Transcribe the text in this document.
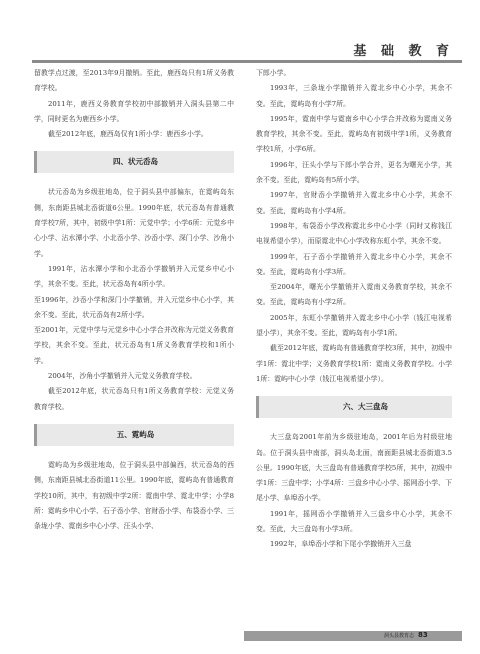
基 础 教 育

留教学点过渡，至2013年9月撤销。至此，鹿西岛只有1所义务教育学校。

2011年，鹿西义务教育学校初中部撤销并入洞头县第二中学，同时更名为鹿西乡小学。

截至2012年底，鹿西岛仅有1所小学：鹿西乡小学。

四、状元岙岛

状元岙岛为乡级驻地岛，位于洞头县中部偏东，在霓屿岛东侧，东南距县城北岙街道6公里。1990年底，状元岙岛有普通教育学校7所，其中，初级中学1所：元觉中学；小学6所：元觉乡中心小学、沾水潭小学、小北岙小学、沙岙小学、深门小学、沙角小学。

1991年，沾水潭小学和小北岙小学撤销并入元觉乡中心小学，其余不变。至此，状元岙岛有4所小学。

至1996年，沙岙小学和深门小学撤销，并入元觉乡中心小学，其余不变。至此，状元岙岛有2所小学。

至2001年，元觉中学与元觉乡中心小学合并改称为元觉义务教育学校，其余不变。至此，状元岙岛有1所义务教育学校和1所小学。

2004年，沙角小学撤销并入元觉义务教育学校。

截至2012年底，状元岙岛只有1所义务教育学校：元觉义务教育学校。

五、霓屿岛

霓屿岛为乡级驻地岛，位于洞头县中部偏西，状元岙岛的西侧，东南距县城北岙街道11公里。1990年底，霓屿岛有普通教育学校10所，其中，有初级中学2所：霓南中学、霓北中学；小学8所：霓屿乡中心小学、石子岙小学、官财岙小学、布袋岙小学、三条垅小学、霓南乡中心小学、汪头小学、

下郎小学。

1993年，三条垅小学撤销并入霓北乡中心小学，其余不变。至此，霓屿岛有小学7所。

1995年，霓南中学与霓南乡中心小学合并改称为霓南义务教育学校，其余不变。至此，霓屿岛有初级中学1所，义务教育学校1所，小学6所。

1996年，汪头小学与下郎小学合并，更名为曙光小学，其余不变。至此，霓屿岛有5所小学。

1997年，官财岙小学撤销并入霓北乡中心小学，其余不变。至此，霓屿岛有小学4所。

1998年，布袋岙小学改称霓北乡中心小学（同时又称钱江电视希望小学），而原霓北中心小学改称东虹小学，其余不变。

1999年，石子岙小学撤销并入霓北乡中心小学，其余不变。至此，霓屿岛有小学3所。

至2004年，曙光小学撤销并入霓南义务教育学校，其余不变。至此，霓屿岛有小学2所。

2005年，东虹小学撤销并入霓北乡中心小学（钱江电视希望小学），其余不变。至此，霓屿岛有小学1所。

截至2012年底，霓屿岛有普通教育学校3所，其中，初级中学1所：霓北中学；义务教育学校1所：霓南义务教育学校。小学1所：霓屿中心小学（钱江电视希望小学）。

六、大三盘岛

大三盘岛2001年前为乡级驻地岛，2001年后为村级驻地岛。位于洞头县中南部，洞头岛北面，南面距县城北岙街道3.5公里。1990年底，大三盘岛有普通教育学校5所，其中，初级中学1所：三盘中学；小学4所：三盘乡中心小学、摇网岙小学、下尾小学、阜埠岙小学。

1991年，摇网岙小学撤销并入三盘乡中心小学，其余不变。至此，大三盘岛有小学3所。

1992年，阜埠岙小学和下尾小学撤销并入三盘

洞头县教育志 83
